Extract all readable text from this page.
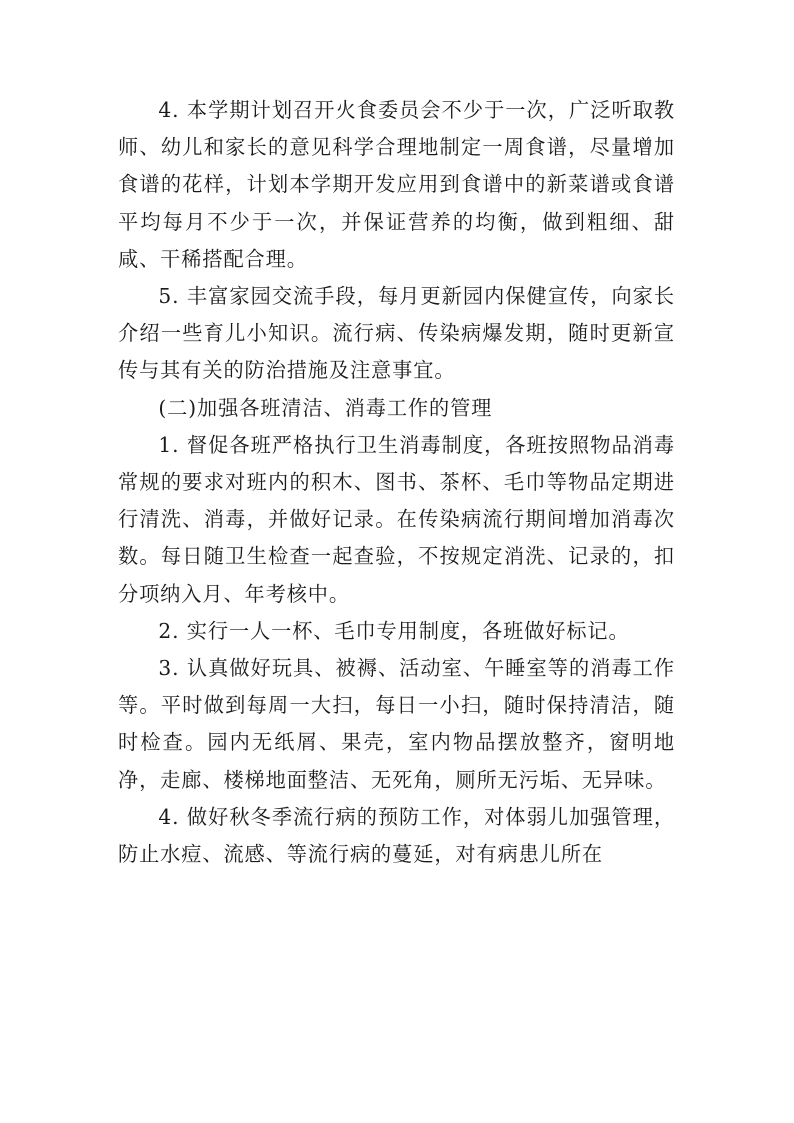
4. 本学期计划召开火食委员会不少于一次，广泛听取教师、幼儿和家长的意见科学合理地制定一周食谱，尽量增加食谱的花样，计划本学期开发应用到食谱中的新菜谱或食谱平均每月不少于一次，并保证营养的均衡，做到粗细、甜咸、干稀搭配合理。

5. 丰富家园交流手段，每月更新园内保健宣传，向家长介绍一些育儿小知识。流行病、传染病爆发期，随时更新宣传与其有关的防治措施及注意事宜。

(二)加强各班清洁、消毒工作的管理

1. 督促各班严格执行卫生消毒制度，各班按照物品消毒常规的要求对班内的积木、图书、茶杯、毛巾等物品定期进行清洗、消毒，并做好记录。在传染病流行期间增加消毒次数。每日随卫生检查一起查验，不按规定消洗、记录的，扣分项纳入月、年考核中。

2. 实行一人一杯、毛巾专用制度，各班做好标记。

3. 认真做好玩具、被褥、活动室、午睡室等的消毒工作等。平时做到每周一大扫，每日一小扫，随时保持清洁，随时检查。园内无纸屑、果壳，室内物品摆放整齐，窗明地净，走廊、楼梯地面整洁、无死角，厕所无污垢、无异味。

4. 做好秋冬季流行病的预防工作，对体弱儿加强管理，防止水痘、流感、等流行病的蔓延，对有病患儿所在
